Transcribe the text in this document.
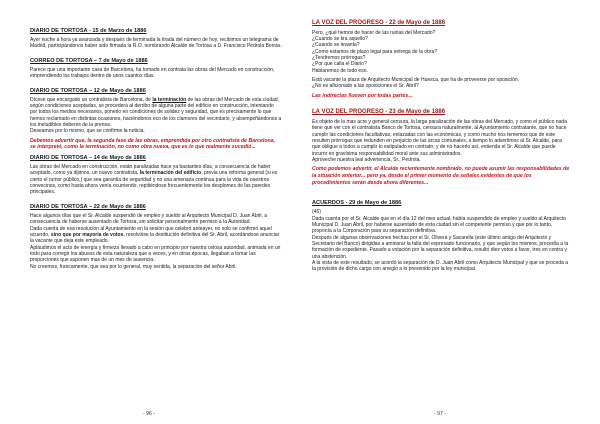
DIARIO DE TORTOSA - 15 de Marzo de 1886
Ayer noche a hora ya avanzada y después de terminada la tirada del número de hoy, recibimos un telegrama de Madrid, participándonos haber sido firmada la R.O. nombrando Alcalde de Tortosa a D. Francisco Pedrola Borrás.
CORREO DE TORTOSA – 7 de Mayo de 1886
Parece que una importante casa de Barcelona, ha tomado en contrata las obras del Mercado en construcción, emprendiendo los trabajos dentro de unos cuantos días.
DIARIO DE TORTOSA – 12 de Mayo de 1886
Dícese que encargado un contratista de Barcelona, de la terminación de las obras del Mercado de esta ciudad, según condiciones aceptadas, se procederá al derribo de alguna parte del edificio en construcción, intentando por todos los medios necesarios, ponerlo en condiciones de solidez y seguridad, que es precisamente lo que hemos reclamado en distintas ocasiones, haciéndonos eco de los clamores del vecindario, y alsempeñándonos a los ineludibles deberes de la prensa.
Deseamos por lo mismo, que se confirme la noticia.
Debemos advertir que, la segunda fase de las obras, emprendida por otro contratista de Barcelona, se interpretó, como la terminación, no como obra nueva, que es lo que realmente sucedió...
DIARIO DE TORTOSA – 14 de Mayo de 1886
Las obras del Mercado en construcción, están paralizadas hace ya bastantes días, a consecuencia de haber aceptado, como ya dijimos, un nuevo contratista, la terminación del edificio, previa una reforma general (si es cierto el rumor público,) que sea garantía de seguridad y no una amenaza continua para la vida de nuestros convecinos, como hasta ahora venía ocurriendo, repitiéndose frecuentemente los desplomes de las paredes principales.
DIARIO DE TORTOSA – 22 de Mayo de 1886
Hace algunos días que el Sr. Alcalde suspendió de empleo y sueldo al Arquitecto Municipal D. Juan Abril, a consecuencia de haberse ausentado de Tortosa, sin solicitar personalmente permiso a la Autoridad.
Dada cuenta de esa resolución al Ayuntamiento en la sesión que celebró anteayer, no solo se confirmó aquel acuerdo, sino que por mayoría de votos, resolvióse la destitución definitiva del Sr. Abril, acordándose anunciar la vacante que deja este empleado.
Apláudimos el acto de energía y firmeza llevado a cabo en principio por nuestra celosa autoridad, animada en un todo para corregir los abusos de esta naturaleza que a veces, y en otras épocas, llegaban a tomar las proporciones que suponen mas de un mes de ausencia.
No creemos, francamente, que sea por lo general, muy sentida, la separación del señor Abril.
- 96 -
LA VOZ DEL PROGRESO - 22 de Mayo de 1886
Pero, ¿qué hemos de hacer de las ruinas del Mercado?
¿Cuando se tira aquello?
¿Cuando se levanta?
¿Como estamos de plazo legal para entrega de la obra?
¿Tendremos prórrogas?
¿Por que calla el Diario?
Hablaremos de todo eso.
Está vacante la plaza de Arquitecto Municipal de Huesca, que ha de proveerse por oposición.
¿No es aficionado a las oposiciones el Sr. Abril?
Las indirectas llueven por todas partes...
LA VOZ DEL PROGRESO - 23 de Mayo de 1886
Es objeto de la mas acre y general censura, la larga paralización de las obras del Mercado, y como el público nada tiene que ver con el contratista Banco de Tortosa, censura naturalmente, al Ayuntamiento contratante, que no hace cumplir las condiciones facultativas, enlazadas con las económicas, y como mucho nos tememos que de este resulten prórrogas que redunden en perjuicio de las arcas comunales, a tiempo lo advertimos al Sr. Alcalde, para que obligue a todos a cumplir lo estipulado en contrato; y de no hacerlo así, entienda el Sr. Alcalde que puede incurrir en gravísima responsabilidad moral ante sus administrados.
Aproveche nuestra leal advertencia, Sr., Pedrola.
Como podemos advertir, el Alcalde recientemente nombrado, no puede asumir las responsabilidades de la situación anterior... pero ya, desde el primer momento da señales evidentes de que los procedimientos serán desde ahora diferentes...
ACUERDOS - 29 de Mayo de 1886
(46)
Dada cuenta por el Sr. Alcalde que en el día 12 del mes actual, había suspendido de empleo y sueldo al Arquitecto Municipal D. Juan Abril, por haberse ausentado de esta ciudad sin el competente permiso y que por lo tanto, proponía a la Corporación para su separación definitiva.
Después de algunas observaciones hechas por el Sr. Olivera y Sacarella (este último amigo del Arquitecto y Secretario del Banco) dirigidas a aminorar la falta del expresado funcionario, y que según los mismos, procedía a la formación de expediente. Pasado a votación por la separación definitiva, resultó diez votos a favor, tres en contra y una abstención.
A la vista de este resultado, se acordó la separación de D. Juan Abril como Arquitecto Municipal y que se proceda a la provisión de dicho cargo con arreglo a lo prevenido por la ley municipal.
- 97 -
